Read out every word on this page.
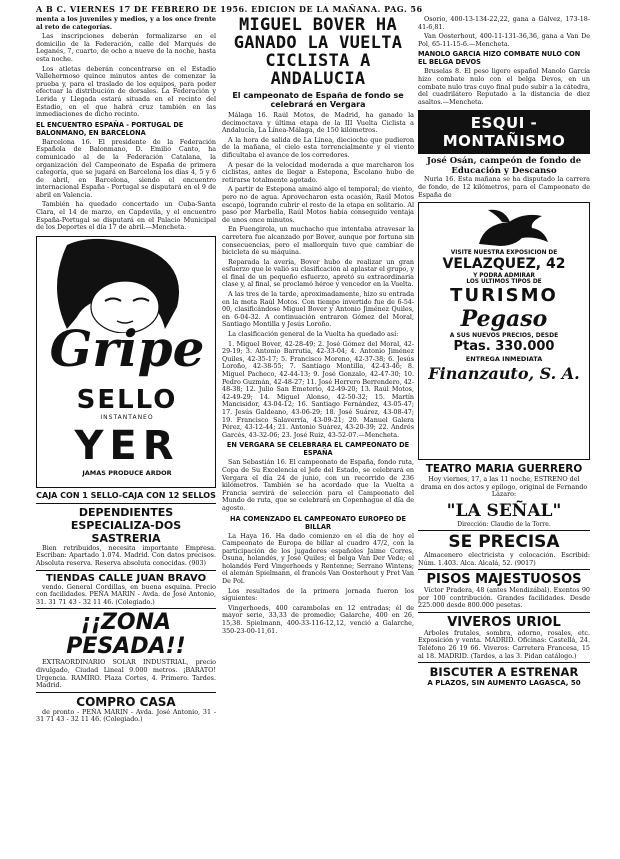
A B C. VIERNES 17 DE FEBRERO DE 1956. EDICION DE LA MAÑANA. PAG. 56

menta a los juveniles y medios, y a los once frente al reto de categorías.

Las inscripciones deberán formalizarse en el domicilio de la Federación, calle del Marqués de Leganés, 7, cuarto, de ocho a nueve de la noche, hasta esta noche.

Los atletas deberán concentrarse en el Estadio Vallehermoso quince minutos antes de comenzar la prueba y, para el traslado de los equipos, para poder efectuar la distribución de dorsales. La Federación y Lerida y Llegada estará situada en el recinto del Estadio, en el que habrá cruz también en las inmediaciones de dicho recinto.

EL ENCUENTRO ESPAÑA - PORTUGAL DE BALONMANO, EN BARCELONA

Barcelona 16. El presidente de la Federación Española de Balonmano, D. Emilio Canto, ha comunicado al de la Federación Catalana, la organización del Campeonato de España de primera categoría, que se jugará en Barcelona los días 4, 5 y 6 de abril, en Barcelona, siendo el encuentro internacional España - Portugal se disputará en el 9 de abril en Valencia.

También ha quedado concertado un Cuba-Santa Clara, el 14 de marzo, en Capdevila, y el encuentro España-Portugal se disputará en el Palacio Municipal de los Deportes el día 17 de abril.—Mencheta.

Gripe
SELLO
INSTANTANEO
YER
JAMAS PRODUCE ARDOR
CAJA CON 1 SELLO-CAJA CON 12 SELLOS
DEPENDIENTES ESPECIALIZA-DOS SASTRERIA

Bien retribuidos, necesita importante Empresa. Escriban: Apartado 1.074. Madrid. Con datos precisos. Absoluta reserva. Reserva absoluta conocidas. (903)

TIENDAS CALLE JUAN BRAVO

vendo. General Cordillas, en buena esquina. Precio con facilidades. PEÑA MARIN - Avda. de José Antonio, 31. 31 71 43 - 32 11 46. (Colegiado.)

¡¡ZONA PESADA!!

EXTRAORDINARIO SOLAR INDUSTRIAL, precio divulgado, Ciudad Lineal 9.000 metros. ¡BARATO! Urgencia. RAMIRO. Plaza Cortes, 4. Primero. Tardes. Madrid.

COMPRO CASA

de pronto - PEÑA MARIN - Avda. José Antonio, 31 - 31 71 43 - 32 11 46. (Colegiado.)

MIGUEL BOVER HA GANADO LA VUELTA CICLISTA A ANDALUCIA
El campeonato de España de fondo se celebrará en Vergara

Málaga 16. Raúl Motos, de Madrid, ha ganado la decimoctava y última etapa de la III Vuelta Ciclista a Andalucía, La Línea-Málaga, de 150 kilómetros.

A la hora de salida de La Línea, dieciocho que pudieron de la mañana, el cielo esta torrencialmente y el viento dificultaba el avance de los corredores.

A pesar de la velocidad moderada a que marcharon los ciclistas, antes de llegar a Estepona, Escolano hubo de retirarse totalmente agotado.

A partir de Estepona amainó algo el temporal; de viento, pero no de agua. Aprovecharon esta ocasión, Raúl Motos escapó, logrando cubrir el resto de la etapa en solitario. Al paso por Marbella, Raúl Motos había conseguido ventaja de unos once minutos.

En Fuengirola, un muchacho que intentaba atravesar la carretera fue alcanzado por Bover, aunque por fortuna sin consecuencias, pero el mallorquín tuvo que cambiar de bicicleta de su máquina.

Reparada la avería, Bover hubo de realizar un gran esfuerzo que le valió su clasificación al aplastar el grupo, y el final de un pequeño esfuerzo, apretó su extraordinaria clase y, al final, se proclamó héroe y vencedor en la Vuelta.

A las tres de la tarde, aproximadamente, hizo su entrada en la meta Raúl Motos. Con tiempo invertido fue de 6-54-00, clasificándose Miguel Bover y Antonio Jiménez Quiles, en 6-04-32. A continuación entraron Gómez del Moral, Santiago Montilla y Jesús Loroño.

La clasificación general de la Vuelta ha quedado así:

1. Miguel Bover, 42-28-49; 2. José Gómez del Moral, 42-29-19; 3. Antonio Barrutia, 42-33-04; 4. Antonio Jiménez Quiles, 42-35-17; 5. Francisco Moreno, 42-37-38; 6. Jesús Loroño, 42-38-55; 7. Santiago Montilla, 42-43-46; 8. Miguel Pacheco, 42-44-13; 9. José Gonzalo, 42-47-30; 10. Pedro Guzmán, 42-48-27; 11. José Herrero Berrendero, 42-48-38; 12. Julio San Emeterio, 42-49-20; 13. Raúl Motos, 42-49-29; 14. Miguel Alonso, 42-50-32; 15. Martín Mancisidor, 43-04-12; 16. Santiago Fernández, 43-05-47; 17. Jesús Galdeano, 43-06-29; 18. José Suárez, 43-08-47; 19. Francisco Salaverría, 43-09-21; 20. Manuel Galera Pérez, 43-12-44; 21. Antonio Suárez, 43-20-39; 22. Andrés Garcés, 43-32-06; 23. José Ruiz, 43-52-07.—Mencheta.

EN VERGARA SE CELEBRARA EL CAMPEONATO DE ESPAÑA

San Sebastián 16. El campeonato de España, fondo ruta, Copa de Su Excelencia el Jefe del Estado, se celebrará en Vergara el día 24 de junio, con un recorrido de 236 kilómetros. También se ha acordado que la Vuelta a Francia servirá de selección para el Campeonato del Mundo de ruta, que se celebrará en Copenhague el día de agosto.

HA COMENZADO EL CAMPEONATO EUROPEO DE BILLAR

La Haya 16. Ha dado comienzo en el día de hoy el Campeonato de Europa de billar al cuadro 47/2, con la participación de los jugadores españoles Jaime Corres, Osuna, holandés, y José Quiles; el belga Van Der Vede; el holandés Ferd Vingerhoeds y Rentenne; Serrano Wintens; el alemán Spielmann, el francés Van Oosterhout y Pret Van De Pol.

Los resultados de la primera jornada fueron los siguientes:

Vingerhoeds, 400 carambolas en 12 entradas; él de mayor serie, 33,33 de promedio; Galarche, 400 en 26, 15,38. Spielmann, 400-33-116-12,12, venció a Galarche, 350-23-00-11,61.

Osorio, 400-13-134-22,22, gana a Gálvez, 173-18-41-6,81.

Van Oosterhout, 400-11-131-36,36, gana a Van De Pol, 65-11-15-6.—Mencheta.

MANOLO GARCIA HIZO COMBATE NULO CON EL BELGA DEVOS

Bruselas 8. El peso ligero español Manolo García hizo combate nulo con el belga Devos, en un combate nulo tras cuyo final pudo subir a la cátedra, del cuadrilátero Reputado a la distancia de diez asaltos.—Mencheta.

ESQUI - MONTAÑISMO
José Osán, campeón de fondo de Educación y Descanso

Nuria 16. Esta mañana se ha disputado la carrera de fondo, de 12 kilómetros, para el Campeonato de España de

VISITE NUESTRA EXPOSICION DE
VELAZQUEZ, 42
Y PODRA ADMIRAR
LOS ULTIMOS TIPOS DE
TURISMO
Pegaso
A SUS NUEVOS PRECIOS, DESDE
Ptas. 330.000
ENTREGA INMEDIATA
Finanzauto, S. A.
TEATRO MARIA GUERRERO

Hoy viernes, 17, a las 11 noche, ESTRENO del drama en dos actos y epílogo, original de Fernando Lázaro:

"LA SEÑAL"
Dirección: Claudio de la Torre.
SE PRECISA

Almacenero electricista y colocación. Escribid: Núm. 1.403. Alca. Alcalá, 52. (9017)

PISOS MAJESTUOSOS

Víctor Pradera, 48 (antes Mendizábal). Exentos 90 por 100 contribución. Grandes facilidades. Desde 225.000 desde 800.000 pesetas.

VIVEROS URIOL

Arboles frutales, sombra, adorno, rosales, etc. Exposición y venta. MADRID. Oficinas: Castellá, 24. Teléfono 26 19 66. Viveros: Carretera Francesa, 15 al 18. MADRID. (Tardes, a las 3. Pidan catálogo.)

BISCUTER A ESTRENAR
A PLAZOS, SIN AUMENTO LAGASCA, 50
